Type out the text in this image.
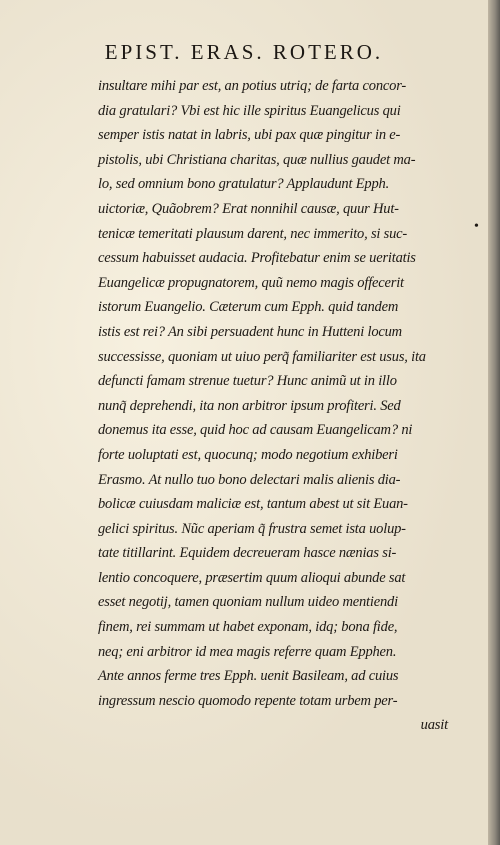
EPIST. ERAS. ROTERO.
insultare mihi par est, an potius utriq; de farta concor-
dia gratulari? Vbi est hic ille spiritus Euangelicus qui
semper istis natat in labris, ubi pax quæ pingitur in e-
pistolis, ubi Christiana charitas, quæ nullius gaudet ma-
lo, sed omnium bono gratulatur? Applaudunt Epph.
uictoriæ, Quãobrem? Erat nonnihil causæ, quur Hut-
tenicæ temeritati plausum darent, nec immerito, si suc-
cessum habuisset audacia. Profitebatur enim se ueritatis
Euangelicæ propugnatorem, quũ nemo magis offecerit
istorum Euangelio. Cæterum cum Epph. quid tandem
istis est rei? An sibi persuadent hunc in Hutteni locum
successisse, quoniam ut uiuo perq̃ familiariter est usus, ita
defuncti famam strenue tuetur? Hunc animũ ut in illo
nunq̃ deprehendi, ita non arbitror ipsum profiteri. Sed
donemus ita esse, quid hoc ad causam Euangelicam? ni
forte uoluptati est, quocunq; modo negotium exhiberi
Erasmo. At nullo tuo bono delectari malis alienis dia-
bolicæ cuiusdam maliciæ est, tantum abest ut sit Euan-
gelici spiritus. Nũc aperiam q̃ frustra semet ista uolup-
tate titillarint. Equidem decreueram hasce nænias si-
lentio concoquere, præsertim quum alioqui abunde sat
esset negotij, tamen quoniam nullum uideo mentiendi
finem, rei summam ut habet exponam, idq; bona fide,
neq; eni arbitror id mea magis referre quam Epphen.
Ante annos ferme tres Epph. uenit Basileam, ad cuius
ingressum nescio quomodo repente totam urbem per-
uasit
•
